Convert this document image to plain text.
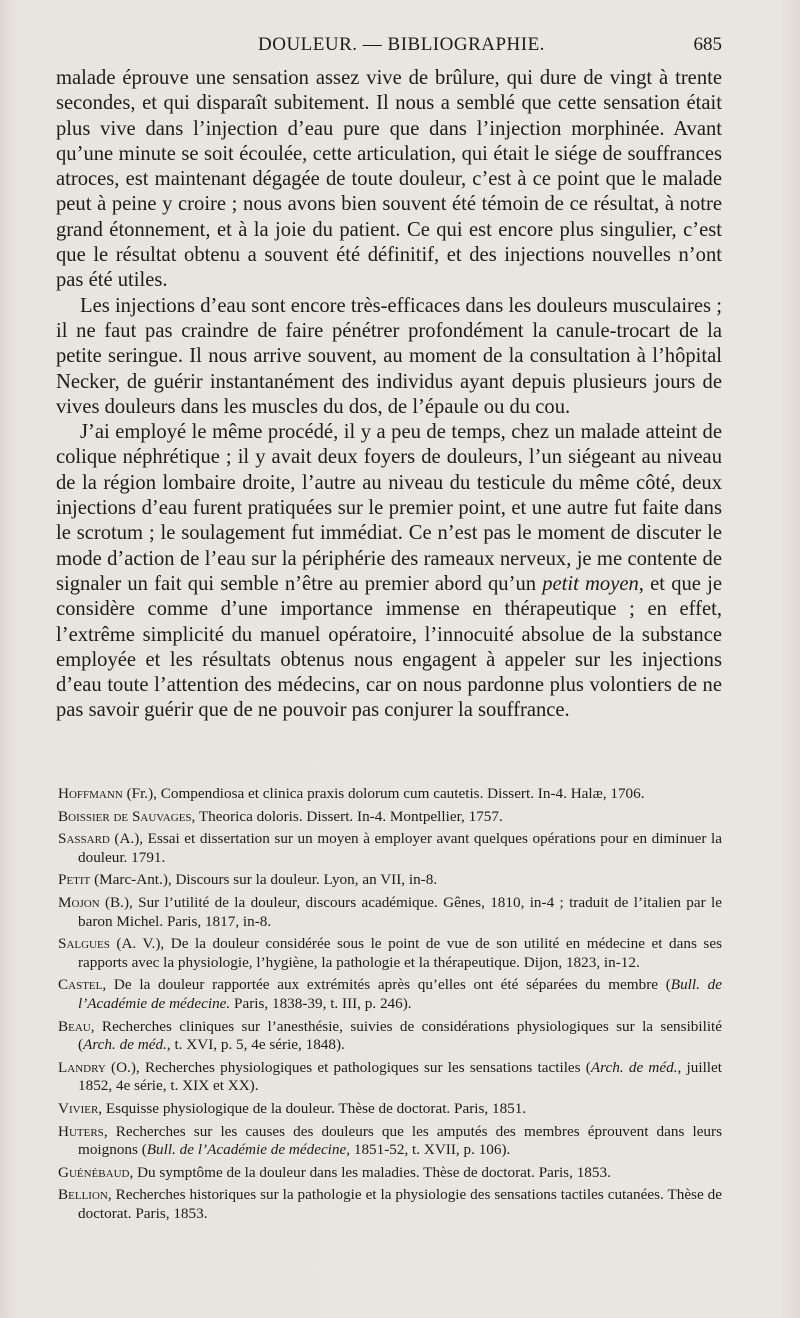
DOULEUR. — BIBLIOGRAPHIE.	685

malade éprouve une sensation assez vive de brûlure, qui dure de vingt à trente secondes, et qui disparaît subitement. Il nous a semblé que cette sensation était plus vive dans l’injection d’eau pure que dans l’injection morphinée. Avant qu’une minute se soit écoulée, cette articulation, qui était le siége de souffrances atroces, est maintenant dégagée de toute douleur, c’est à ce point que le malade peut à peine y croire ; nous avons bien souvent été témoin de ce résultat, à notre grand étonnement, et à la joie du patient. Ce qui est encore plus singulier, c’est que le résultat obtenu a souvent été définitif, et des injections nouvelles n’ont pas été utiles.

Les injections d’eau sont encore très-efficaces dans les douleurs musculaires ; il ne faut pas craindre de faire pénétrer profondément la canule-trocart de la petite seringue. Il nous arrive souvent, au moment de la consultation à l’hôpital Necker, de guérir instantanément des individus ayant depuis plusieurs jours de vives douleurs dans les muscles du dos, de l’épaule ou du cou.

J’ai employé le même procédé, il y a peu de temps, chez un malade atteint de colique néphrétique ; il y avait deux foyers de douleurs, l’un siégeant au niveau de la région lombaire droite, l’autre au niveau du testicule du même côté, deux injections d’eau furent pratiquées sur le premier point, et une autre fut faite dans le scrotum ; le soulagement fut immédiat. Ce n’est pas le moment de discuter le mode d’action de l’eau sur la périphérie des rameaux nerveux, je me contente de signaler un fait qui semble n’être au premier abord qu’un petit moyen, et que je considère comme d’une importance immense en thérapeutique ; en effet, l’extrême simplicité du manuel opératoire, l’innocuité absolue de la substance employée et les résultats obtenus nous engagent à appeler sur les injections d’eau toute l’attention des médecins, car on nous pardonne plus volontiers de ne pas savoir guérir que de ne pouvoir pas conjurer la souffrance.

Hoffmann (Fr.), Compendiosa et clinica praxis dolorum cum cautetis. Dissert. In-4. Halæ, 1706.

Boissier de Sauvages, Theorica doloris. Dissert. In-4. Montpellier, 1757.

Sassard (A.), Essai et dissertation sur un moyen à employer avant quelques opérations pour en diminuer la douleur. 1791.

Petit (Marc-Ant.), Discours sur la douleur. Lyon, an VII, in-8.

Mojon (B.), Sur l’utilité de la douleur, discours académique. Gênes, 1810, in-4 ; traduit de l’italien par le baron Michel. Paris, 1817, in-8.

Salgues (A. V.), De la douleur considérée sous le point de vue de son utilité en médecine et dans ses rapports avec la physiologie, l’hygiène, la pathologie et la thérapeutique. Dijon, 1823, in-12.

Castel, De la douleur rapportée aux extrémités après qu’elles ont été séparées du membre (Bull. de l’Académie de médecine. Paris, 1838-39, t. III, p. 246).

Beau, Recherches cliniques sur l’anesthésie, suivies de considérations physiologiques sur la sensibilité (Arch. de méd., t. XVI, p. 5, 4e série, 1848).

Landry (O.), Recherches physiologiques et pathologiques sur les sensations tactiles (Arch. de méd., juillet 1852, 4e série, t. XIX et XX).

Vivier, Esquisse physiologique de la douleur. Thèse de doctorat. Paris, 1851.

Huters, Recherches sur les causes des douleurs que les amputés des membres éprouvent dans leurs moignons (Bull. de l’Académie de médecine, 1851-52, t. XVII, p. 106).

Guénébaud, Du symptôme de la douleur dans les maladies. Thèse de doctorat. Paris, 1853.

Bellion, Recherches historiques sur la pathologie et la physiologie des sensations tactiles cutanées. Thèse de doctorat. Paris, 1853.
